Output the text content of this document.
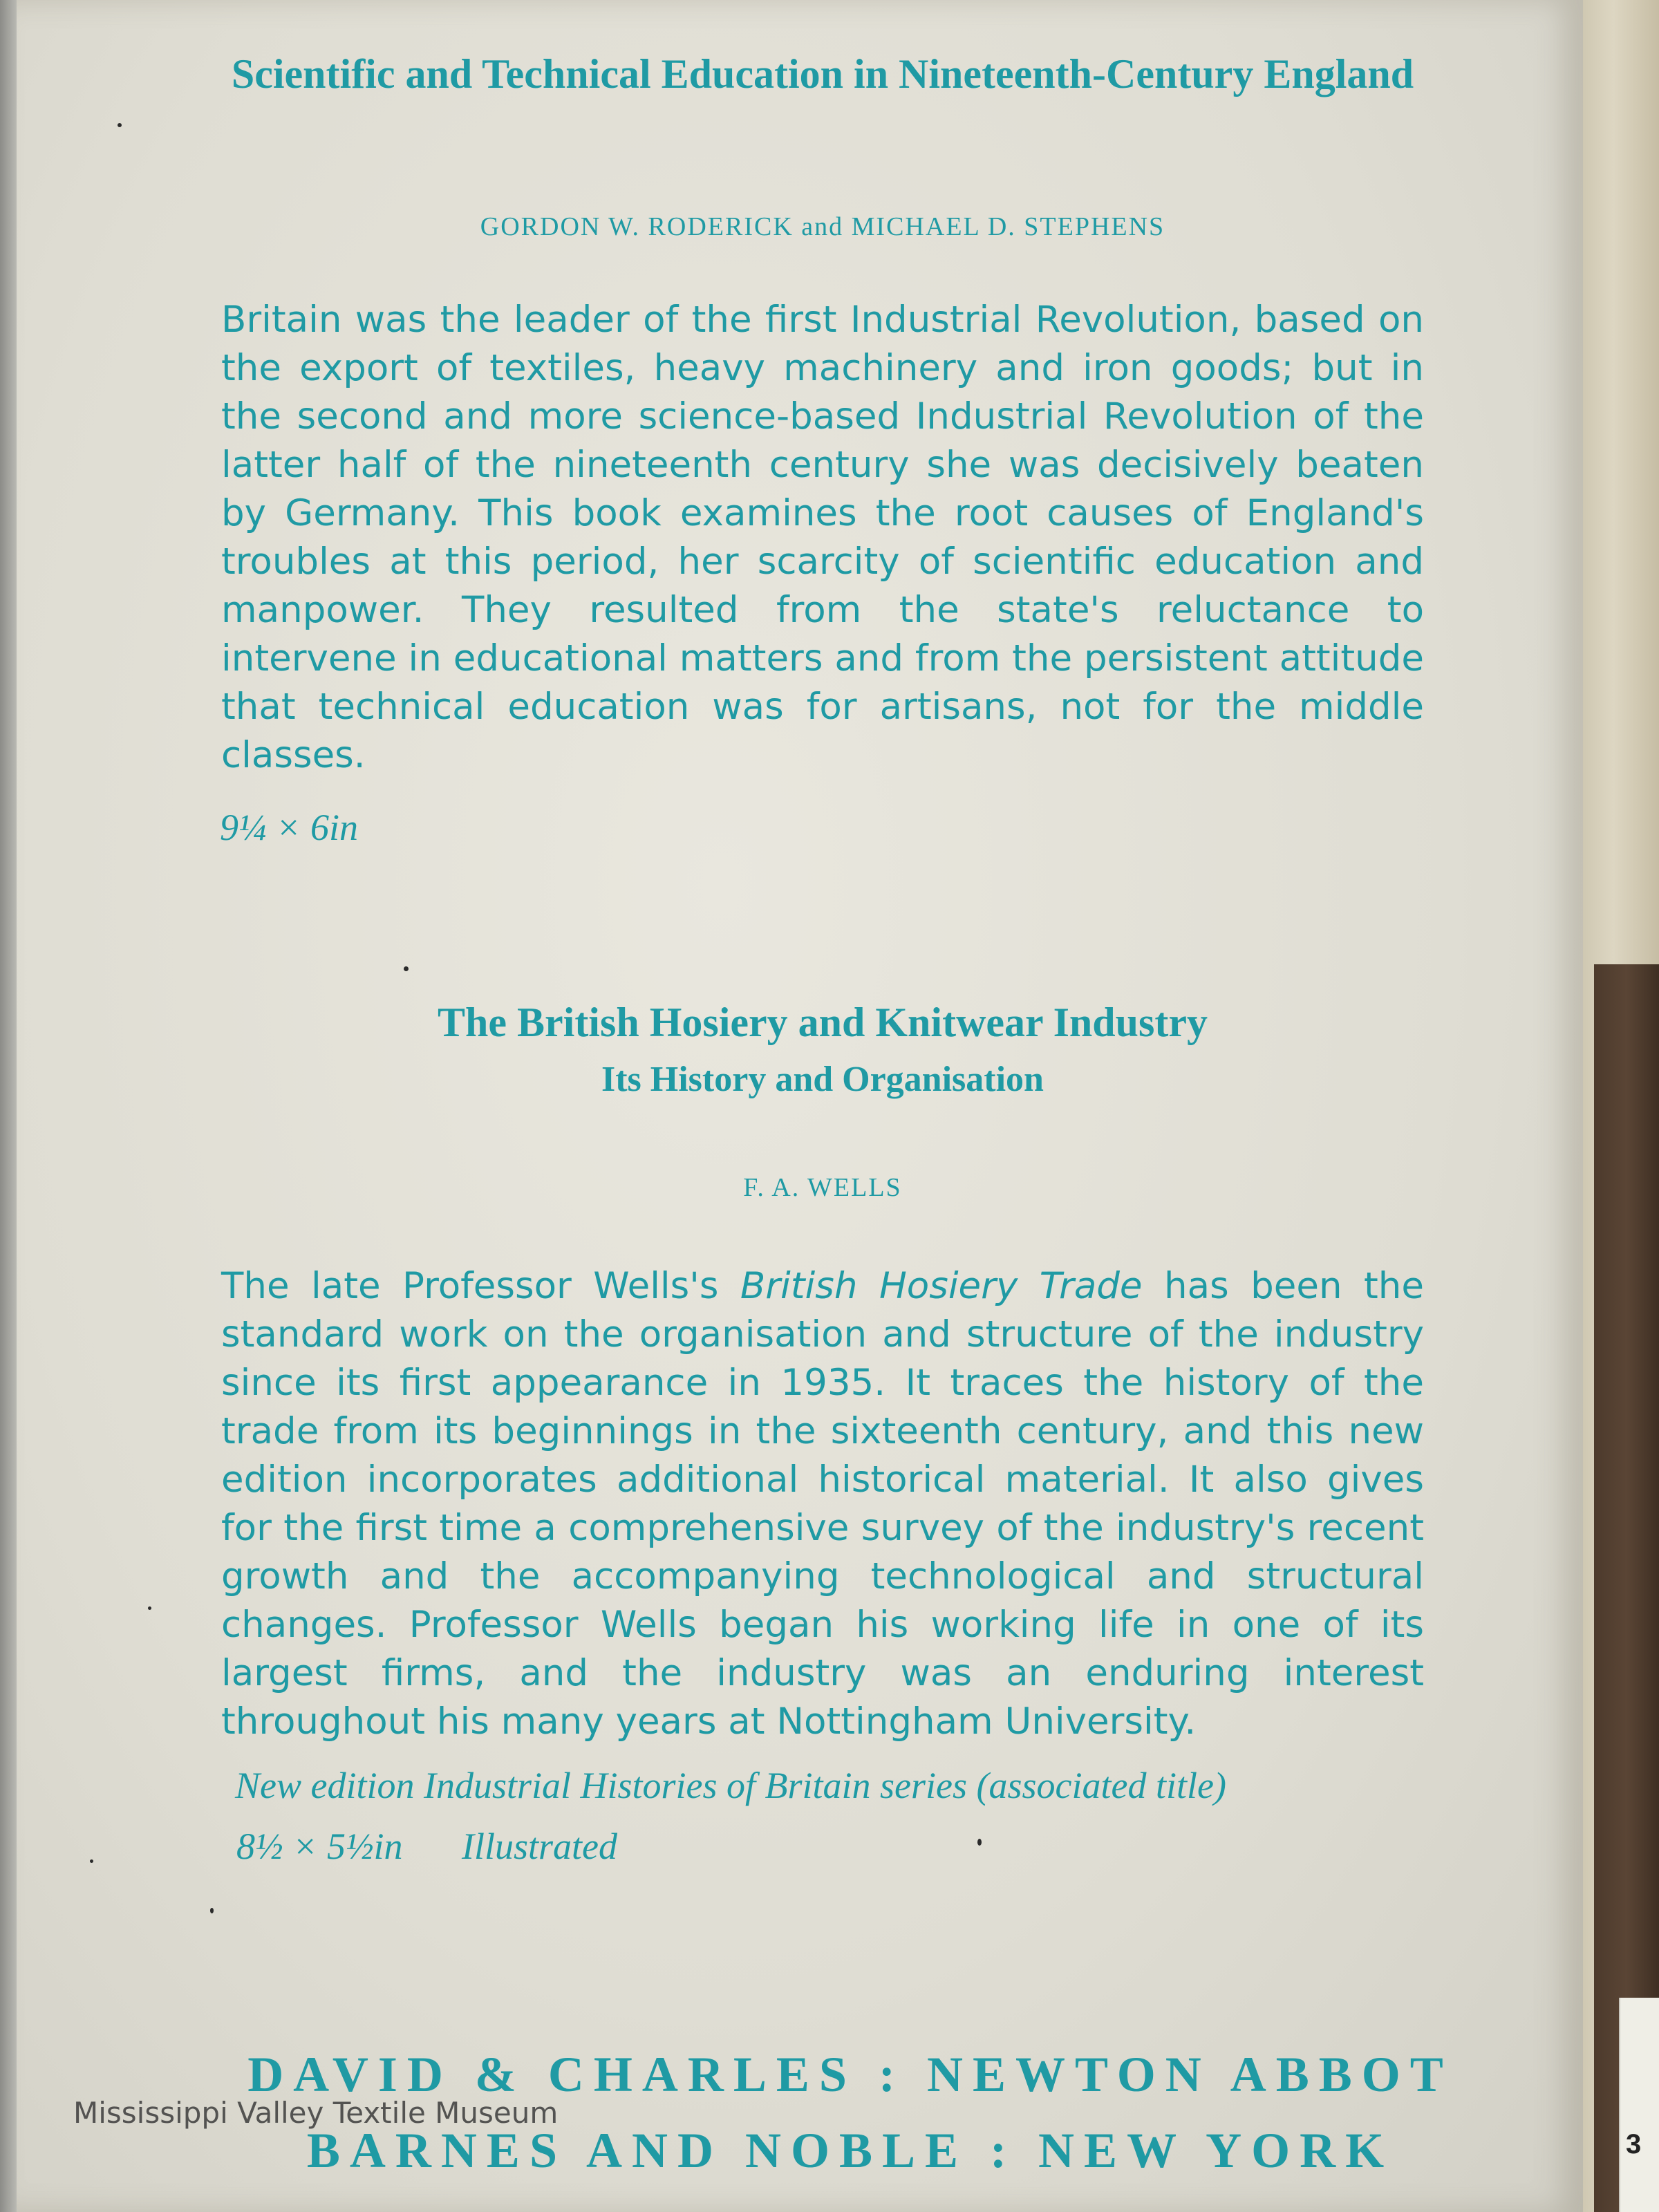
3
Scientific and Technical Education in Nineteenth-Century England

GORDON W. RODERICK and MICHAEL D. STEPHENS

Britain was the leader of the first Industrial Revolution, based on the export of textiles, heavy machinery and iron goods; but in the second and more science-based Industrial Revolution of the latter half of the nineteenth century she was decisively beaten by Germany. This book examines the root causes of England's troubles at this period, her scarcity of scientific education and manpower. They resulted from the state's reluctance to intervene in educational matters and from the persistent attitude that technical education was for artisans, not for the middle classes.

9¼ × 6in

The British Hosiery and Knitwear Industry
Its History and Organisation

F. A. WELLS

The late Professor Wells's British Hosiery Trade has been the standard work on the organisation and structure of the industry since its first appearance in 1935. It traces the history of the trade from its beginnings in the sixteenth century, and this new edition incorporates additional historical material. It also gives for the first time a comprehensive survey of the industry's recent growth and the accompanying technological and structural changes. Professor Wells began his working life in one of its largest firms, and the industry was an enduring interest throughout his many years at Nottingham University.

New edition Industrial Histories of Britain series (associated title)

8½ × 5½in Illustrated

DAVID & CHARLES : NEWTON ABBOT

BARNES AND NOBLE : NEW YORK

Mississippi Valley Textile Museum
